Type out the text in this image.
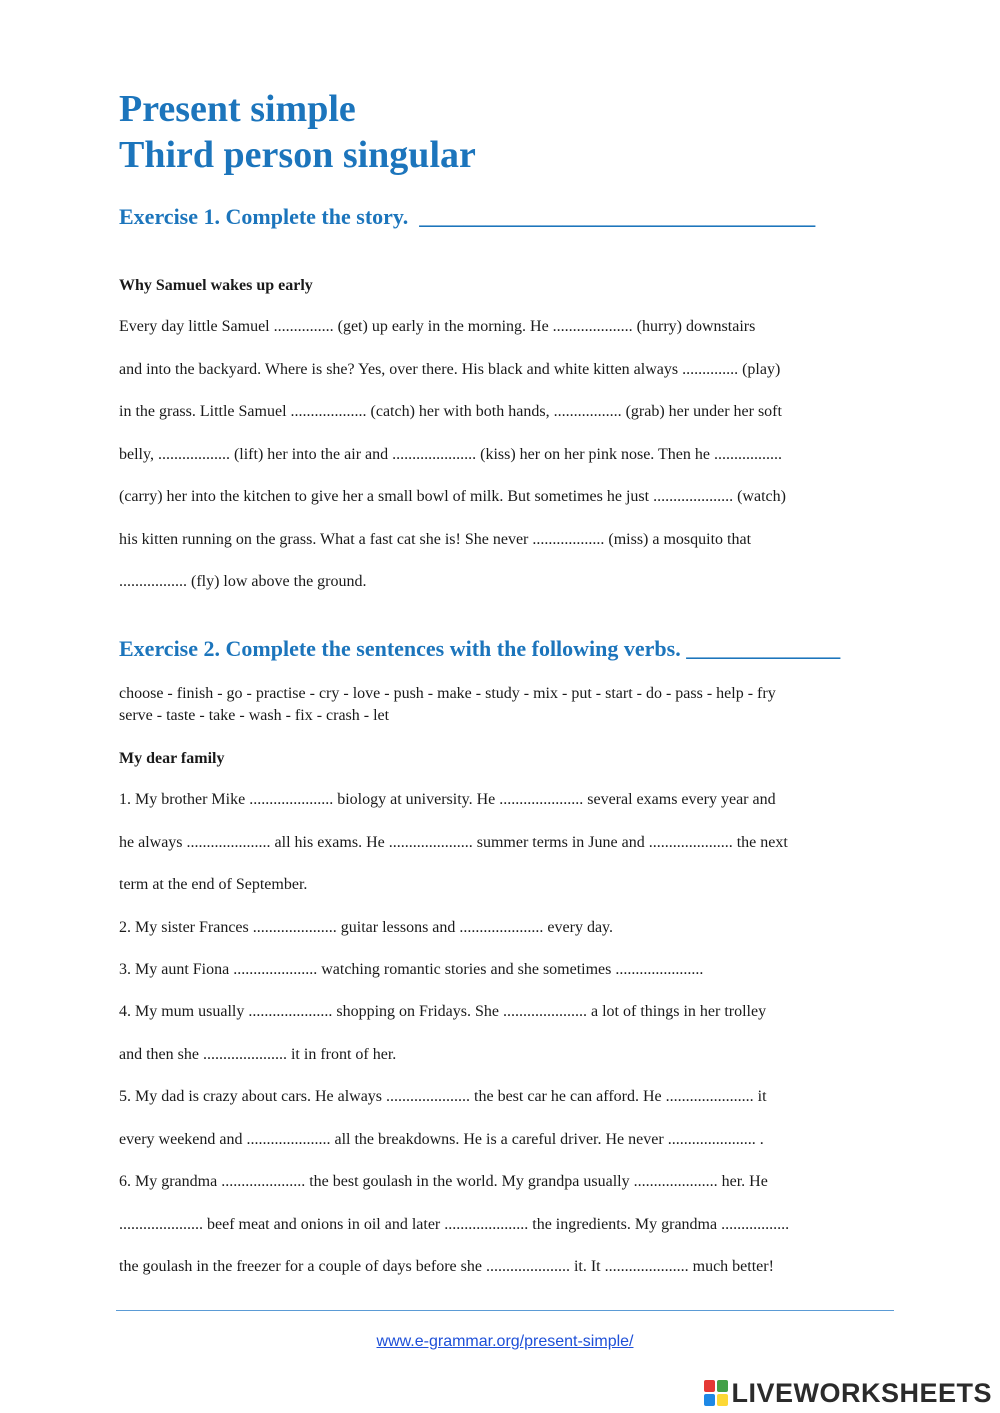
Present simple
Third person singular
Exercise 1. Complete the story.  ____________________________________
Why Samuel wakes up early

Every day little Samuel ............... (get) up early in the morning. He .................... (hurry) downstairs

and into the backyard. Where is she? Yes, over there. His black and white kitten always .............. (play)

in the grass. Little Samuel ................... (catch) her with both hands, ................. (grab) her under her soft

belly, .................. (lift) her into the air and ..................... (kiss) her on her pink nose. Then he .................

(carry) her into the kitchen to give her a small bowl of milk. But sometimes he just .................... (watch)

his kitten running on the grass. What a fast cat she is! She never .................. (miss) a mosquito that

................. (fly) low above the ground.

Exercise 2. Complete the sentences with the following verbs. ______________

choose - finish - go - practise - cry - love - push - make - study - mix - put - start - do - pass - help - fry

serve - taste - take - wash - fix - crash - let

My dear family

1. My brother Mike ..................... biology at university. He ..................... several exams every year and

he always ..................... all his exams. He ..................... summer terms in June and ..................... the next

term at the end of September.

2. My sister Frances ..................... guitar lessons and ..................... every day.

3. My aunt Fiona ..................... watching romantic stories and she sometimes ......................

4. My mum usually ..................... shopping on Fridays. She ..................... a lot of things in her trolley

and then she ..................... it in front of her.

5. My dad is crazy about cars. He always ..................... the best car he can afford. He ...................... it

every weekend and ..................... all the breakdowns. He is a careful driver. He never ...................... .

6. My grandma ..................... the best goulash in the world. My grandpa usually ..................... her. He

..................... beef meat and onions in oil and later ..................... the ingredients. My grandma .................

the goulash in the freezer for a couple of days before she ..................... it. It ..................... much better!

www.e-grammar.org/present-simple/
LIVEWORKSHEETS
